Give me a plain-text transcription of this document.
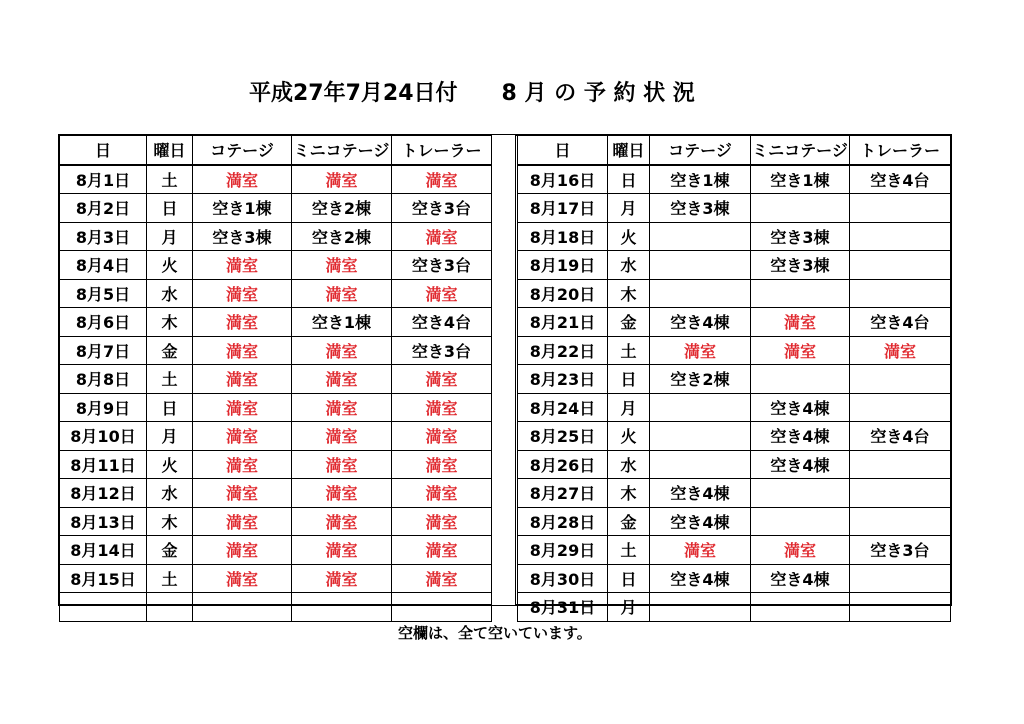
平成27年7月24日付　　8 月 の 予 約 状 況
日	曜日	コテージ	ミニコテージ	トレーラー
8月1日	土	満室	満室	満室
8月2日	日	空き1棟	空き2棟	空き3台
8月3日	月	空き3棟	空き2棟	満室
8月4日	火	満室	満室	空き3台
8月5日	水	満室	満室	満室
8月6日	木	満室	空き1棟	空き4台
8月7日	金	満室	満室	空き3台
8月8日	土	満室	満室	満室
8月9日	日	満室	満室	満室
8月10日	月	満室	満室	満室
8月11日	火	満室	満室	満室
8月12日	水	満室	満室	満室
8月13日	木	満室	満室	満室
8月14日	金	満室	満室	満室
8月15日	土	満室	満室	満室

日	曜日	コテージ	ミニコテージ	トレーラー
8月16日	日	空き1棟	空き1棟	空き4台
8月17日	月	空き3棟		
8月18日	火		空き3棟	
8月19日	水		空き3棟	
8月20日	木			
8月21日	金	空き4棟	満室	空き4台
8月22日	土	満室	満室	満室
8月23日	日	空き2棟		
8月24日	月		空き4棟	
8月25日	火		空き4棟	空き4台
8月26日	水		空き4棟	
8月27日	木	空き4棟		
8月28日	金	空き4棟		
8月29日	土	満室	満室	空き3台
8月30日	日	空き4棟	空き4棟	
8月31日	月			
空欄は、全て空いています。
